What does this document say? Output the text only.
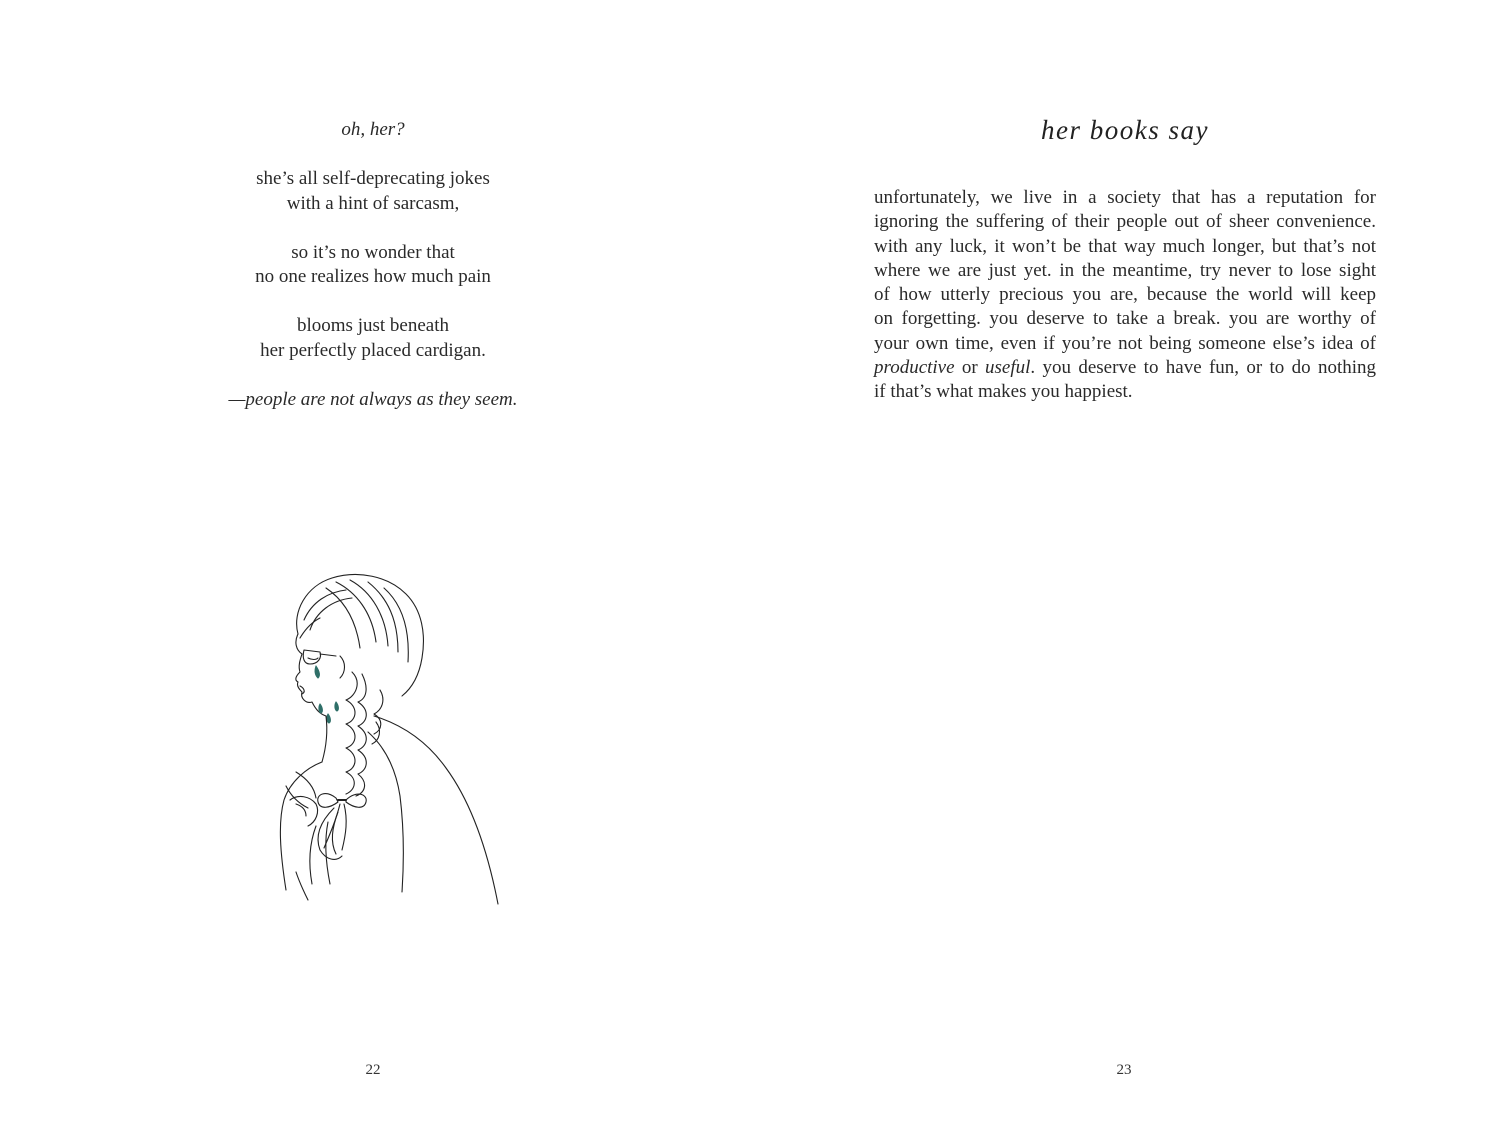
oh, her?
she’s all self-deprecating jokes
with a hint of sarcasm,
so it’s no wonder that
no one realizes how much pain
blooms just beneath
her perfectly placed cardigan.
—people are not always as they seem.
22
her books say
unfortunately, we live in a society that has a reputation for
ignoring the suffering of their people out of sheer convenience.
with any luck, it won’t be that way much longer, but that’s not
where we are just yet. in the meantime, try never to lose sight
of how utterly precious you are, because the world will keep
on forgetting. you deserve to take a break. you are worthy of
your own time, even if you’re not being someone else’s idea of
productive or useful. you deserve to have fun, or to do nothing
if that’s what makes you happiest.
23
